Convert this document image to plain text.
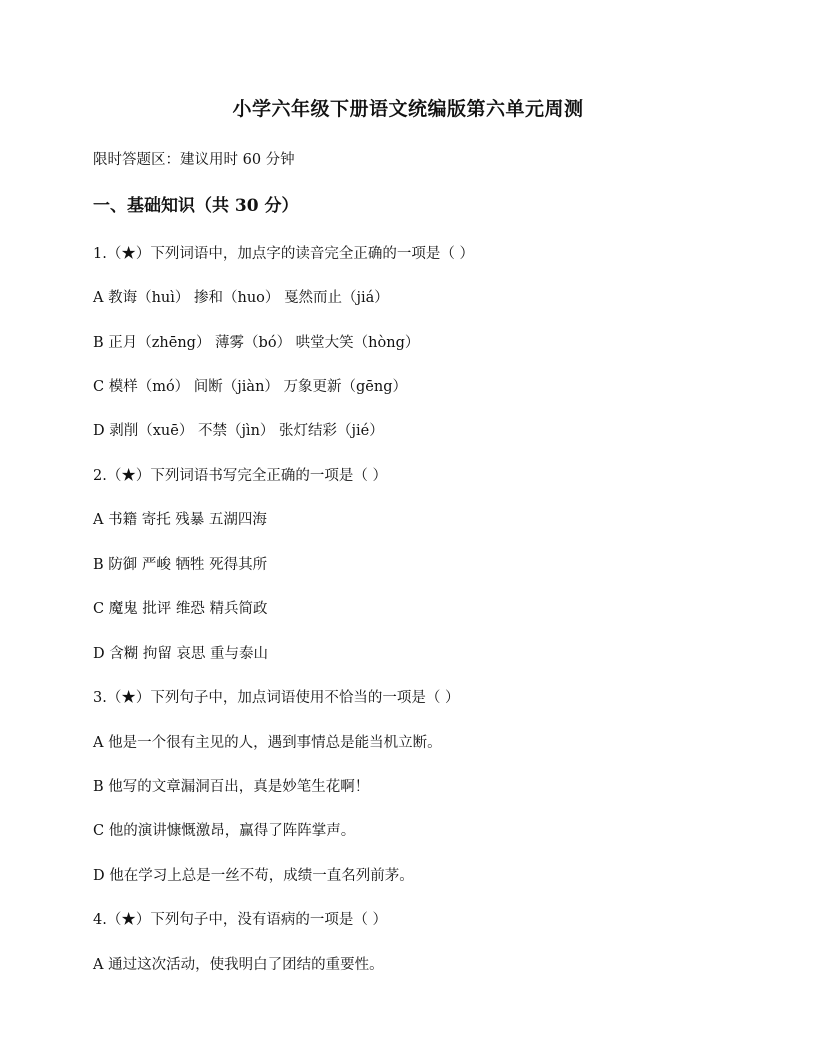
小学六年级下册语文统编版第六单元周测
限时答题区：建议用时 60 分钟
一、基础知识（共 30 分）
1.（★）下列词语中，加点字的读音完全正确的一项是（ ）
A 教诲（huì） 掺和（huo） 戛然而止（jiá）
B 正月（zhēng） 薄雾（bó） 哄堂大笑（hòng）
C 模样（mó） 间断（jiàn） 万象更新（gēng）
D 剥削（xuē） 不禁（jìn） 张灯结彩（jié）
2.（★）下列词语书写完全正确的一项是（ ）
A 书籍 寄托 残暴 五湖四海
B 防御 严峻 牺牲 死得其所
C 魔鬼 批评 维恐 精兵简政
D 含糊 拘留 哀思 重与泰山
3.（★）下列句子中，加点词语使用不恰当的一项是（ ）
A 他是一个很有主见的人，遇到事情总是能当机立断。
B 他写的文章漏洞百出，真是妙笔生花啊！
C 他的演讲慷慨激昂，赢得了阵阵掌声。
D 他在学习上总是一丝不苟，成绩一直名列前茅。
4.（★）下列句子中，没有语病的一项是（ ）
A 通过这次活动，使我明白了团结的重要性。
